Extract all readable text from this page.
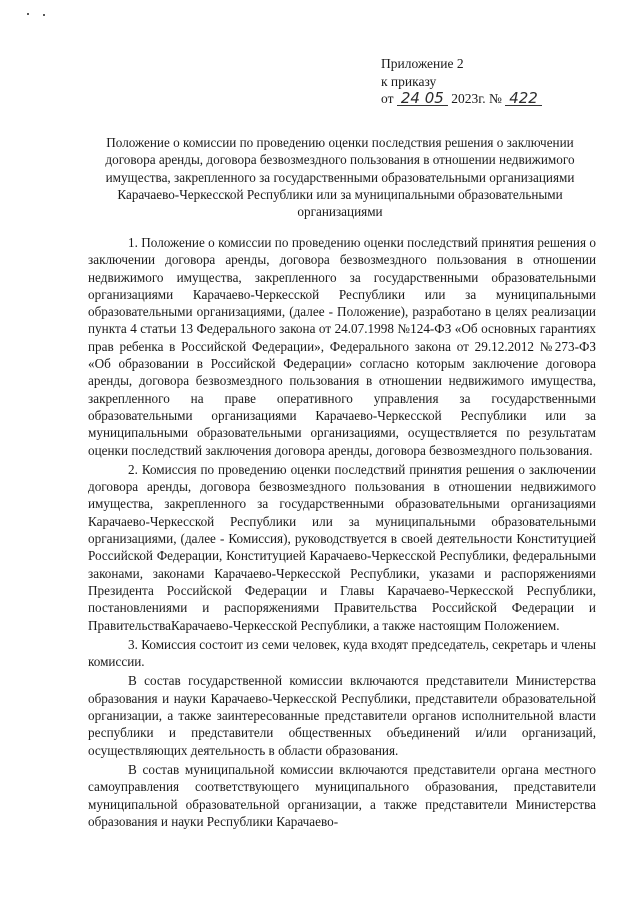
Приложение 2
к приказу
от 24 05 2023г. № 422
Положение о комиссии по проведению оценки последствия решения о заключении договора аренды, договора безвозмездного пользования в отношении недвижимого имущества, закрепленного за государственными образовательными организациями Карачаево-Черкесской Республики или за муниципальными образовательными организациями

1. Положение о комиссии по проведению оценки последствий принятия решения о заключении договора аренды, договора безвозмездного пользования в отношении недвижимого имущества, закрепленного за государственными образовательными организациями Карачаево-Черкесской Республики или за муниципальными образовательными организациями, (далее - Положение), разработано в целях реализации пункта 4 статьи 13 Федерального закона от 24.07.1998 №124-ФЗ «Об основных гарантиях прав ребенка в Российской Федерации», Федерального закона от 29.12.2012 №273-ФЗ «Об образовании в Российской Федерации» согласно которым заключение договора аренды, договора безвозмездного пользования в отношении недвижимого имущества, закрепленного на праве оперативного управления за государственными образовательными организациями Карачаево-Черкесской Республики или за муниципальными образовательными организациями, осуществляется по результатам оценки последствий заключения договора аренды, договора безвозмездного пользования.

2. Комиссия по проведению оценки последствий принятия решения о заключении договора аренды, договора безвозмездного пользования в отношении недвижимого имущества, закрепленного за государственными образовательными организациями Карачаево-Черкесской Республики или за муниципальными образовательными организациями, (далее - Комиссия), руководствуется в своей деятельности Конституцией Российской Федерации, Конституцией Карачаево-Черкесской Республики, федеральными законами, законами Карачаево-Черкесской Республики, указами и распоряжениями Президента Российской Федерации и Главы Карачаево-Черкесской Республики, постановлениями и распоряжениями Правительства Российской Федерации и ПравительстваКарачаево-Черкесской Республики, а также настоящим Положением.

3. Комиссия состоит из семи человек, куда входят председатель, секретарь и члены комиссии.

В состав государственной комиссии включаются представители Министерства образования и науки Карачаево-Черкесской Республики, представители образовательной организации, а также заинтересованные представители органов исполнительной власти республики и представители общественных объединений и/или организаций, осуществляющих деятельность в области образования.

В состав муниципальной комиссии включаются представители органа местного самоуправления соответствующего муниципального образования, представители муниципальной образовательной организации, а также представители Министерства образования и науки Республики Карачаево-
